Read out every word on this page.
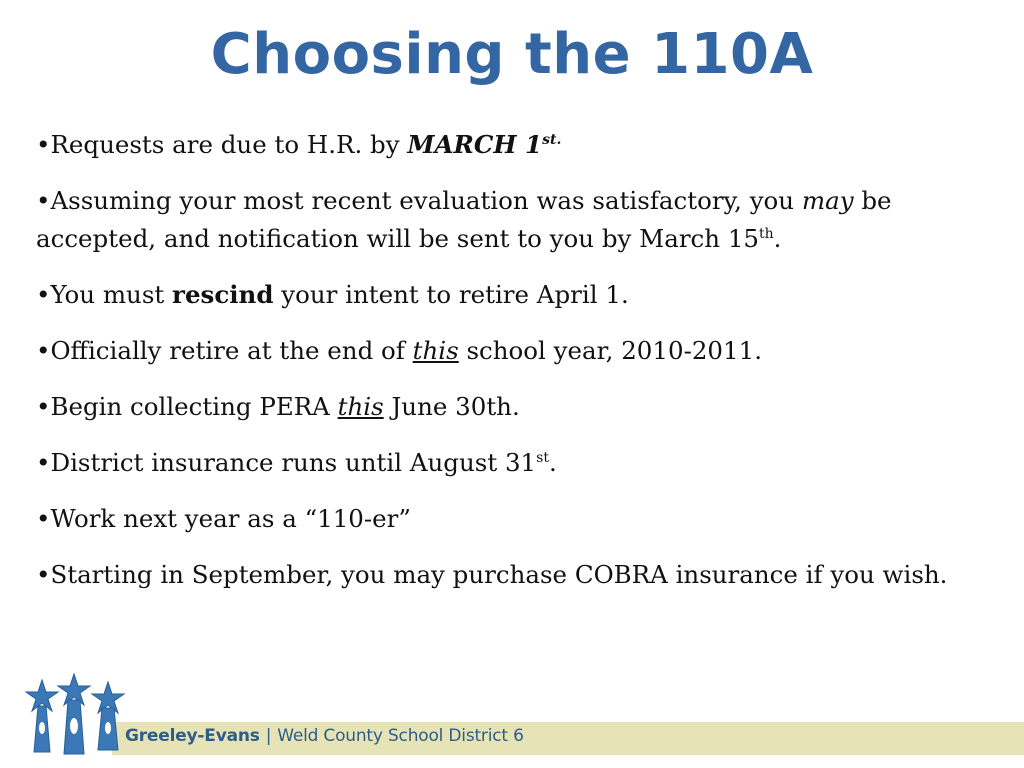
Choosing the 110A

•Requests are due to H.R. by MARCH $1^{st.}$

•Assuming your most recent evaluation was satisfactory, you may be accepted, and notification will be sent to you by March 15th.

•You must rescind your intent to retire April 1.

•Officially retire at the end of this school year, 2010-2011.

•Begin collecting PERA this June 30th.

•District insurance runs until August 31st.

•Work next year as a “110-er”

•Starting in September, you may purchase COBRA insurance if you wish.

Greeley-Evans | Weld County School District 6
